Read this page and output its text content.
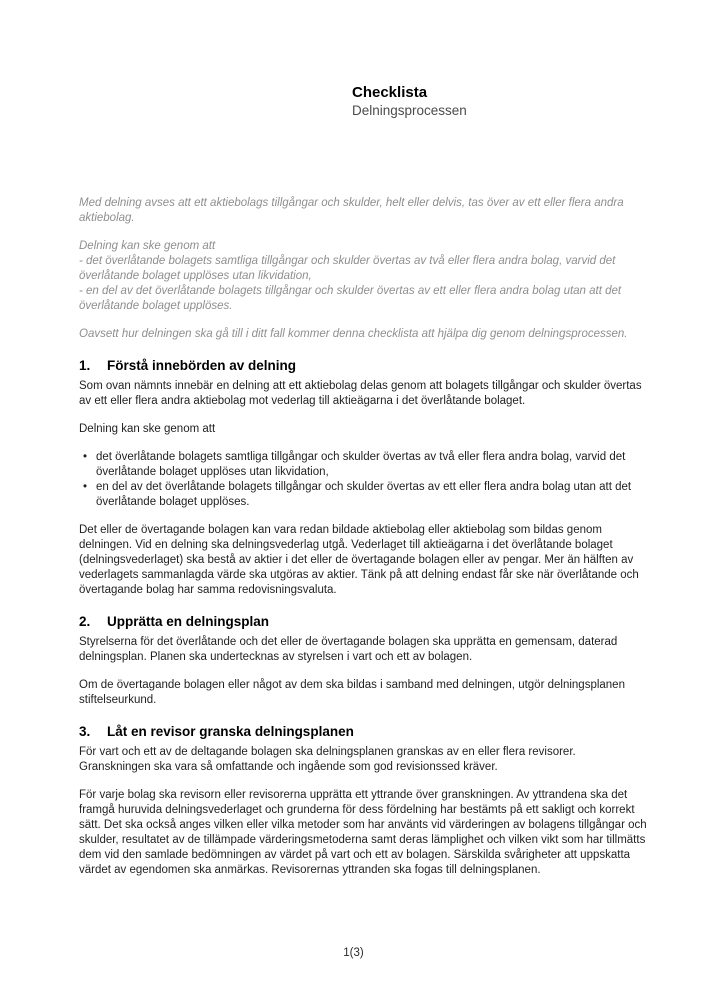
Checklista
Delningsprocessen

Med delning avses att ett aktiebolags tillgångar och skulder, helt eller delvis, tas över av ett eller flera andra aktiebolag.

Delning kan ske genom att
- det överlåtande bolagets samtliga tillgångar och skulder övertas av två eller flera andra bolag, varvid det överlåtande bolaget upplöses utan likvidation,
- en del av det överlåtande bolagets tillgångar och skulder övertas av ett eller flera andra bolag utan att det överlåtande bolaget upplöses.

Oavsett hur delningen ska gå till i ditt fall kommer denna checklista att hjälpa dig genom delningsprocessen.

1.	Förstå innebörden av delning

Som ovan nämnts innebär en delning att ett aktiebolag delas genom att bolagets tillgångar och skulder övertas av ett eller flera andra aktiebolag mot vederlag till aktieägarna i det överlåtande bolaget.

Delning kan ske genom att

• det överlåtande bolagets samtliga tillgångar och skulder övertas av två eller flera andra bolag, varvid det överlåtande bolaget upplöses utan likvidation,
• en del av det överlåtande bolagets tillgångar och skulder övertas av ett eller flera andra bolag utan att det överlåtande bolaget upplöses.

Det eller de övertagande bolagen kan vara redan bildade aktiebolag eller aktiebolag som bildas genom delningen. Vid en delning ska delningsvederlag utgå. Vederlaget till aktieägarna i det överlåtande bolaget (delningsvederlaget) ska bestå av aktier i det eller de övertagande bolagen eller av pengar. Mer än hälften av vederlagets sammanlagda värde ska utgöras av aktier. Tänk på att delning endast får ske när överlåtande och övertagande bolag har samma redovisningsvaluta.

2.	Upprätta en delningsplan

Styrelserna för det överlåtande och det eller de övertagande bolagen ska upprätta en gemensam, daterad delningsplan. Planen ska undertecknas av styrelsen i vart och ett av bolagen.

Om de övertagande bolagen eller något av dem ska bildas i samband med delningen, utgör delningsplanen stiftelseurkund.

3.	Låt en revisor granska delningsplanen

För vart och ett av de deltagande bolagen ska delningsplanen granskas av en eller flera revisorer. Granskningen ska vara så omfattande och ingående som god revisionssed kräver.

För varje bolag ska revisorn eller revisorerna upprätta ett yttrande över granskningen. Av yttrandena ska det framgå huruvida delningsvederlaget och grunderna för dess fördelning har bestämts på ett sakligt och korrekt sätt. Det ska också anges vilken eller vilka metoder som har använts vid värderingen av bolagens tillgångar och skulder, resultatet av de tillämpade värderingsmetoderna samt deras lämplighet och vilken vikt som har tillmätts dem vid den samlade bedömningen av värdet på vart och ett av bolagen. Särskilda svårigheter att uppskatta värdet av egendomen ska anmärkas. Revisorernas yttranden ska fogas till delningsplanen.

1(3)
